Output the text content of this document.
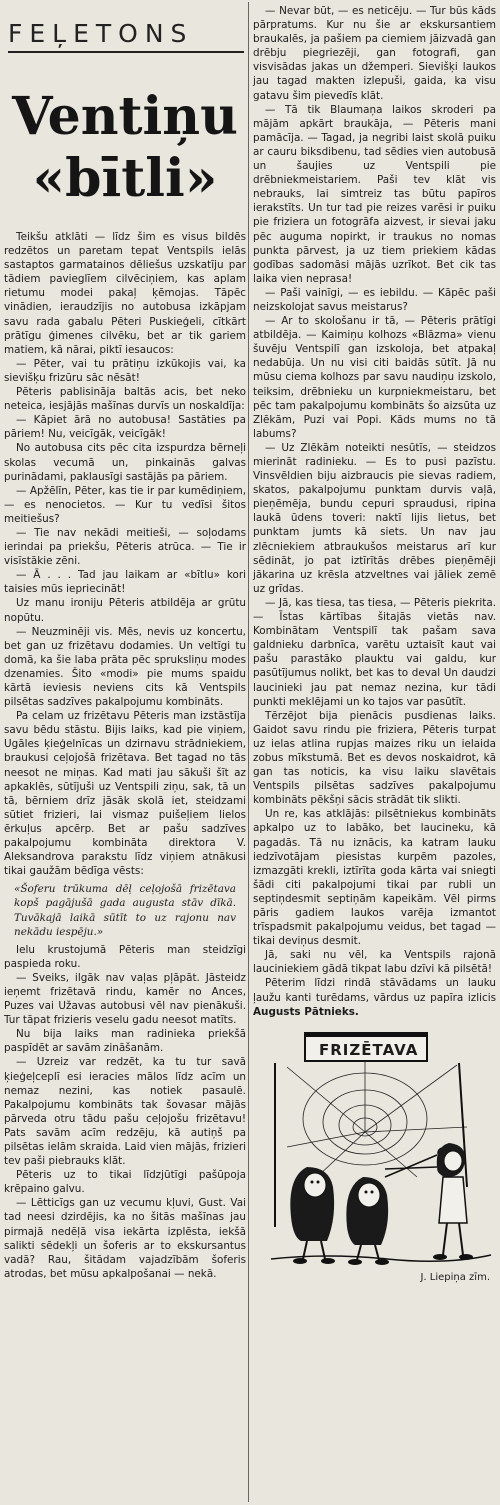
FEĻETONS
Ventiņu
«bītli»

Teikšu atklāti — līdz šim es visus bildēs redzētos un paretam tepat Ventspils ielās sastaptos garmatainos dēliešus uzskatīju par tādiem pavieglīem cilvēciņiem, kas aplam rietumu modei pakaļ ķēmojas. Tāpēc vinādien, ieraudzījis no autobusa izkāpjam savu rada gabalu Pēteri Puskieģeli, cītkārt prātīgu ģimenes cilvēku, bet ar tik gariem matiem, kā nārai, piktī iesaucos:

— Pēter, vai tu prātiņu izkūkojis vai, ka sievišķu frizūru sāc nēsāt!

Pēteris pablisināja baltās acis, bet neko neteica, iesjājās mašīnas durvīs un noskaldīja:

— Kāpiet ārā no autobusa! Sastāties pa pāriem! Nu, veicīgāk, veicīgāk!

No autobusa cits pēc cita izspurdza bērneļi skolas vecumā un, pinkainās galvas purinādami, paklausīgi sastājās pa pāriem.

— Apžēlīn, Pēter, kas tie ir par kumēdiņiem, — es nenocietos. — Kur tu vedīsi šitos meitiešus?

— Tie nav nekādi meitieši, — soļodams ierindai pa priekšu, Pēteris atrūca. — Tie ir visīstākie zēni.

— Ā . . . Tad jau laikam ar «bītlu» kori taisies mūs iepriecināt!

Uz manu ironiju Pēteris atbildēja ar grūtu nopūtu.

— Neuzminēji vis. Mēs, nevis uz koncertu, bet gan uz frizētavu dodamies. Un veltīgi tu domā, ka šie laba prāta pēc spruksliņu modes dzenamies. Šito «modi» pie mums spaidu kārtā ieviesis neviens cits kā Ventspils pilsētas sadzīves pakalpojumu kombināts.

Pa celam uz frizētavu Pēteris man izstāstīja savu bēdu stāstu. Bijis laiks, kad pie viņiem, Ugāles ķieģelnīcas un dzirnavu strādniekiem, braukusi ceļojošā frizētava. Bet tagad no tās neesot ne miņas. Kad mati jau sākuši šīt az apkaklēs, sūtījuši uz Ventspili ziņu, sak, tā un tā, bērniem drīz jāsāk skolā iet, steidzami sūtiet frizieri, lai vismaz puišeļiem lielos ērkuļus apcērp. Bet ar pašu sadzīves pakalpojumu kombināta direktora V. Aleksandrova parakstu līdz viņiem atnākusi tikai gaužām bēdīga vēsts:

«Šoferu trūkuma dēļ ceļojošā frizētava kopš pagājušā gada augusta stāv dīkā. Tuvākajā laikā sūtīt to uz rajonu nav nekādu iespēju.»

Ielu krustojumā Pēteris man steidzīgi paspieda roku.

— Sveiks, ilgāk nav vaļas pļāpāt. Jāsteidz ieņemt frizētavā rindu, kamēr no Ances, Puzes vai Užavas autobusi vēl nav pienākuši. Tur tāpat frizieris veselu gadu neesot matīts.

Nu bija laiks man radiniekа priekšā paspīdēt ar savām zināšanām.

— Uzreiz var redzēt, ka tu tur savā ķieģeļceplī esi ieracies mālos līdz acīm un nemaz nezini, kas notiek pasaulē. Pakalpojumu kombināts tak šovasar mājās pārveda otru tādu pašu ceļojošu frizētavu! Pats savām acīm redzēju, kā autiņš pa pilsētas ielām skraida. Laid vien mājās, frizieri tev paši piebrauks klāt.

Pēteris uz to tikai līdzjūtīgi pašūpoja krēpaino galvu.

— Lētticīgs gan uz vecumu kļuvi, Gust. Vai tad neesi dzirdējis, ka no šitās mašīnas jau pirmajā nedēļā visa iekārta izplēsta, iekšā salikti sēdekļi un šoferis ar to ekskursantus vadā? Rau, šitādam vajadzībām šoferis atrodas, bet mūsu apkalpošanai — nekā.

— Nevar būt, — es neticēju. — Tur būs kāds pārpratums. Kur nu šie ar ekskursantiem braukalēs, ja pašiem pa ciemiem jāizvadā gan drēbju piegriezēji, gan fotografi, gan visvisādas jakas un džemperi. Sievišķi laukos jau tagad makten izlepuši, gaida, ka visu gatavu šim pievedīs klāt.

— Tā tik Blaumaņa laikos skroderi pa mājām apkārt braukāja, — Pēteris mani pamācīja. — Tagad, ja negribi laist skolā puiku ar cauru biksdibenu, tad sēdies vien autobusā un šaujies uz Ventspili pie drēbniekmeistariem. Paši tev klāt vis nebrauks, lai simtreiz tas būtu papīros ierakstīts. Un tur tad pie reizes varēsi ir puiku pie friziera un fotogrāfa aizvest, ir sievai jaku pēc auguma nopirkt, ir traukus no nomas punkta pārvest, ja uz tiem priekiem kādas godības sadomāsi mājās uzrīkot. Bet cik tas laika vien neprasa!

— Paši vainīgi, — es iebildu. — Kāpēc paši neizskolojat savus meistarus?

— Ar to skološanu ir tā, — Pēteris prātīgi atbildēja. — Kaimiņu kolhozs «Blāzma» vienu šuvēju Ventspilī gan izskoloja, bet atpakaļ nedabūja. Un nu visi citi baidās sūtīt. Jā nu mūsu ciema kolhozs par savu naudiņu izskolo, teiksim, drēbnieku un kurpniekmeistaru, bet pēc tam pakalpojumu kombināts šo aizsūta uz Zlēkām, Puzi vai Popi. Kāds mums no tā labums?

— Uz Zlēkām noteikti nesūtīs, — steidzos mierināt radinieku. — Es to pusi pazīstu. Vinsvēldien biju aizbraucis pie sievas radiem, skatos, pakalpojumu punktam durvis vaļā, pieņēmēja, bundu cepuri spraudusi, ripina laukā ūdens toveri: naktī lijis lietus, bet punktam jumts kā siets. Un nav jau zlēcniekiem atbraukušos meistarus arī kur sēdināt, jo pat iztīrītās drēbes pieņēmēji jākarina uz krēsla atzveltnes vai jāliek zemē uz grīdas.

— Jā, kas tiesa, tas tiesa, — Pēteris piekrita. — Īstas kārtības šitajās vietās nav. Kombinātam Ventspilī tak pašam savа galdnieku darbnīca, varētu uztaisīt kaut vai pašu parastāko plauktu vai galdu, kur pasūtījumus nolikt, bet kas to deval Un daudzi lauciniеki jau pat nemaz nezina, kur tādi punkti meklējami un ko tajos var pasūtīt.

Tērzējot bija pienācis pusdienas laiks. Gaidot savu rindu pie friziera, Pēteris turpat uz ielas atlina rupjas maizes riku un ielaida zobus mīkstumā. Bet es devos noskaidrot, kā gan tas noticis, ka visu laiku slavētais Ventspils pilsētas sadzīves pakalpojumu kombināts pēkšņi sācis strādāt tik slikti.

Un re, kas atklājās: pilsētniekus kombināts apkalpo uz to labāko, bet laucineku, kā pagadās. Tā nu iznācis, ka katram lauku iedzīvotājam piesistas kurpēm pazoles, izmazgāti krekli, iztīrīta goda kārta vai sniegti šādi citi pakalpojumi tikai par rubli un septiņdesmit septiņām kapeikām. Vēl pirms pāris gadiem laukos varēja izmantot trīspadsmit pakalpojumu veidus, bet tagad — tikai deviņus desmit.

Jā, saki nu vēl, ka Ventspils rajonā lauciniekiem gādā tikpat labu dzīvi kā pilsētā!

Pēterim līdzi rindā stāvādams un lauku ļaužu kanti turēdams, vārdus uz papīra izlicis Augusts Pātnieks.

FRIZĒTAVA
J. Liepiņa zīm.
